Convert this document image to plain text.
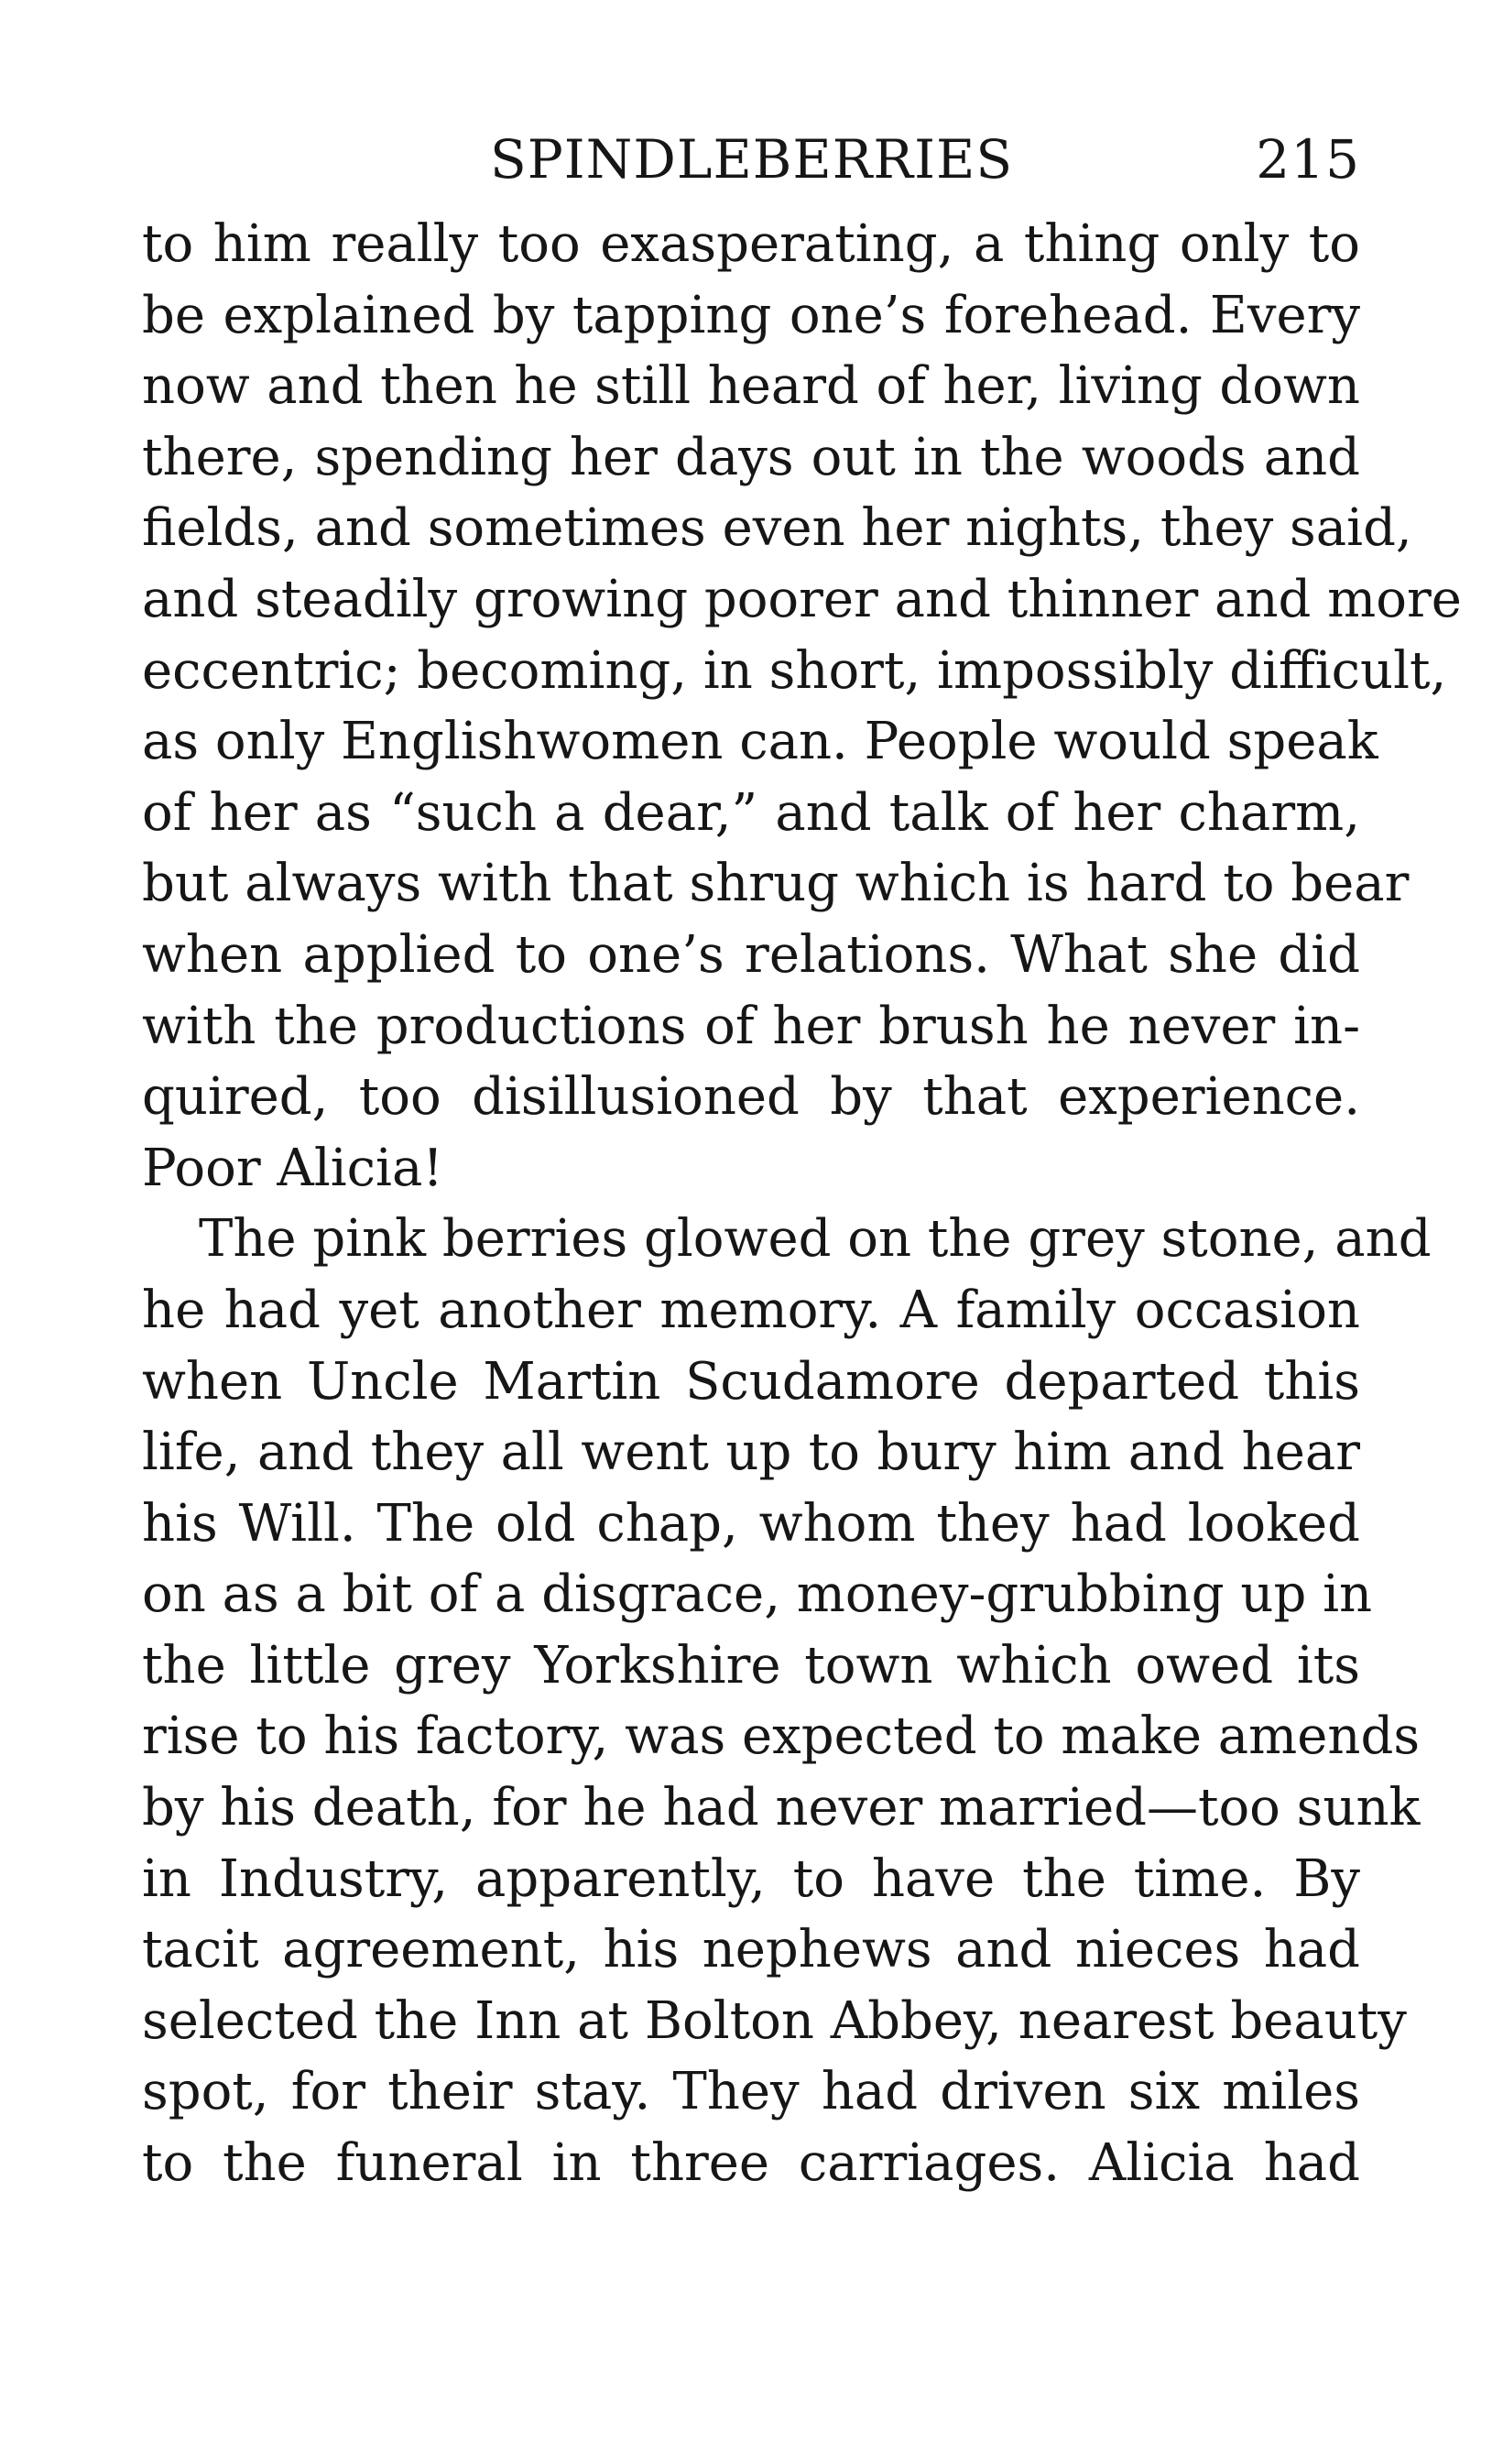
SPINDLEBERRIES	215
to him really too exasperating, a thing only to
be explained by tapping one’s forehead. Every
now and then he still heard of her, living down
there, spending her days out in the woods and
fields, and sometimes even her nights, they said,
and steadily growing poorer and thinner and more
eccentric; becoming, in short, impossibly difficult,
as only Englishwomen can. People would speak
of her as “such a dear,” and talk of her charm,
but always with that shrug which is hard to bear
when applied to one’s relations. What she did
with the productions of her brush he never in-
quired, too disillusioned by that experience.
Poor Alicia!
The pink berries glowed on the grey stone, and
he had yet another memory. A family occasion
when Uncle Martin Scudamore departed this
life, and they all went up to bury him and hear
his Will. The old chap, whom they had looked
on as a bit of a disgrace, money-grubbing up in
the little grey Yorkshire town which owed its
rise to his factory, was expected to make amends
by his death, for he had never married—too sunk
in Industry, apparently, to have the time. By
tacit agreement, his nephews and nieces had
selected the Inn at Bolton Abbey, nearest beauty
spot, for their stay. They had driven six miles
to the funeral in three carriages. Alicia had
